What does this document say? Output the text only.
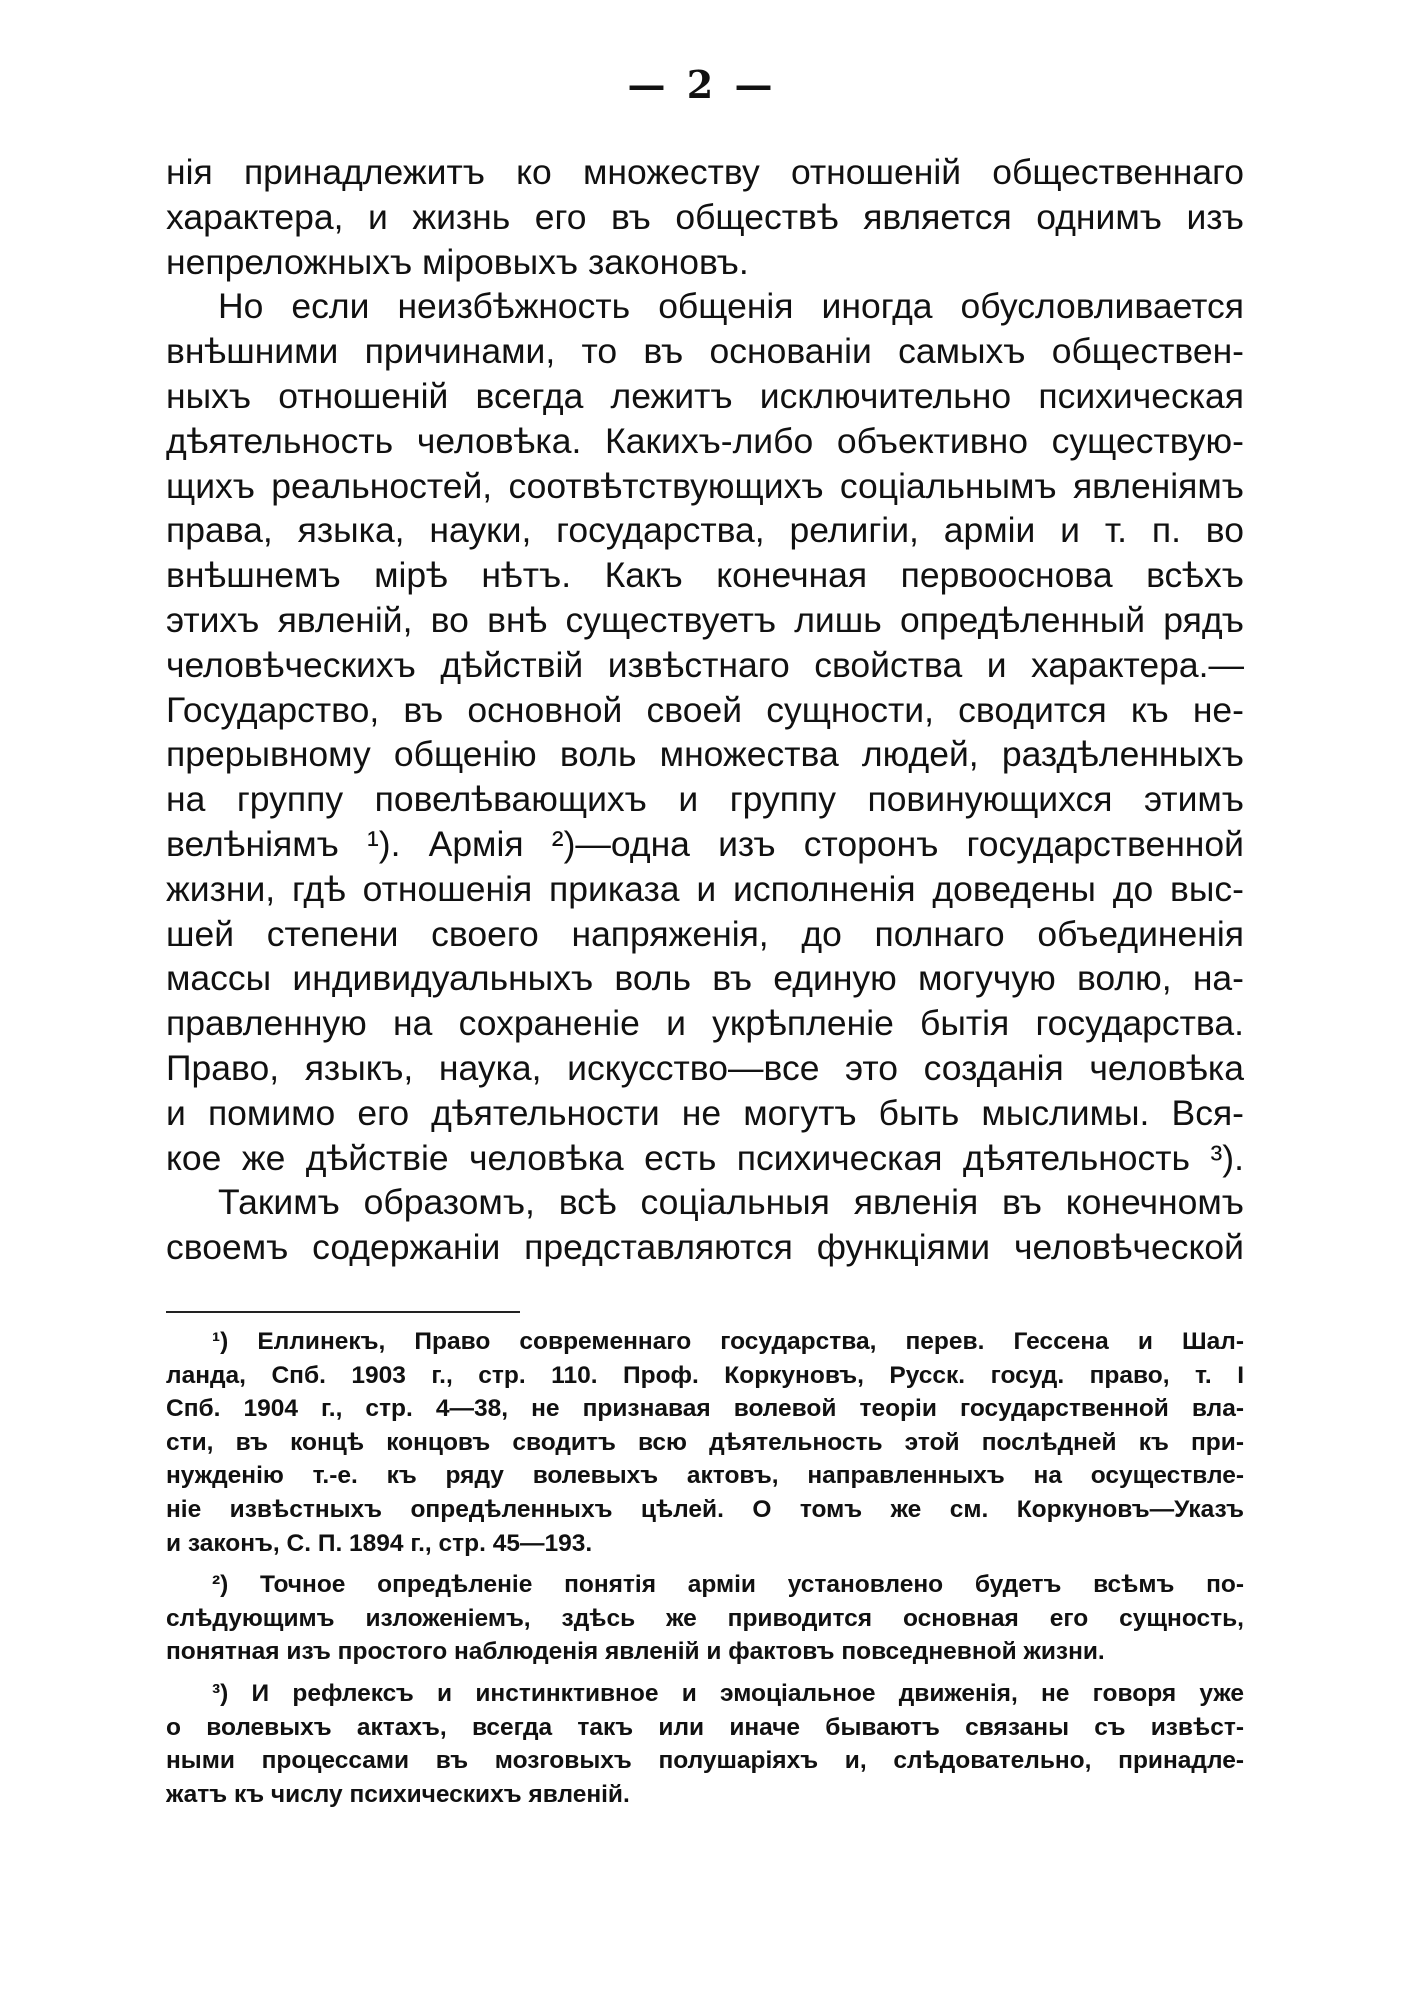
— 2 —
нія принадлежитъ ко множеству отношеній общественнаго
характера, и жизнь его въ обществѣ является однимъ изъ
непреложныхъ міровыхъ законовъ.
Но если неизбѣжность общенія иногда обусловливается
внѣшними причинами, то въ основаніи самыхъ обществен-
ныхъ отношеній всегда лежитъ исключительно психическая
дѣятельность человѣка. Какихъ-либо объективно существую-
щихъ реальностей, соотвѣтствующихъ соціальнымъ явленіямъ
права, языка, науки, государства, религіи, арміи и т. п. во
внѣшнемъ мірѣ нѣтъ. Какъ конечная первооснова всѣхъ
этихъ явленій, во внѣ существуетъ лишь опредѣленный рядъ
человѣческихъ дѣйствій извѣстнаго свойства и характера.—
Государство, въ основной своей сущности, сводится къ не-
прерывному общенію воль множества людей, раздѣленныхъ
на группу повелѣвающихъ и группу повинующихся этимъ
велѣніямъ ¹). Армія ²)—одна изъ сторонъ государственной
жизни, гдѣ отношенія приказа и исполненія доведены до выс-
шей степени своего напряженія, до полнаго объединенія
массы индивидуальныхъ воль въ единую могучую волю, на-
правленную на сохраненіе и укрѣпленіе бытія государства.
Право, языкъ, наука, искусство—все это созданія человѣка
и помимо его дѣятельности не могутъ быть мыслимы. Вся-
кое же дѣйствіе человѣка есть психическая дѣятельность ³).
Такимъ образомъ, всѣ соціальныя явленія въ конечномъ
своемъ содержаніи представляются функціями человѣческой
¹) Еллинекъ, Право современнаго государства, перев. Гессена и Шал-
ланда, Спб. 1903 г., стр. 110. Проф. Коркуновъ, Русск. госуд. право, т. I
Спб. 1904 г., стр. 4—38, не признавая волевой теоріи государственной вла-
сти, въ концѣ концовъ сводитъ всю дѣятельность этой послѣдней къ при-
нужденію т.-е. къ ряду волевыхъ актовъ, направленныхъ на осуществле-
ніе извѣстныхъ опредѣленныхъ цѣлей. О томъ же см. Коркуновъ—Указъ
и законъ, С. П. 1894 г., стр. 45—193.
²) Точное опредѣленіе понятія арміи установлено будетъ всѣмъ по-
слѣдующимъ изложеніемъ, здѣсь же приводится основная его сущность,
понятная изъ простого наблюденія явленій и фактовъ повседневной жизни.
³) И рефлексъ и инстинктивное и эмоціальное движенія, не говоря уже
о волевыхъ актахъ, всегда такъ или иначе бываютъ связаны съ извѣст-
ными процессами въ мозговыхъ полушаріяхъ и, слѣдовательно, принадле-
жатъ къ числу психическихъ явленій.
